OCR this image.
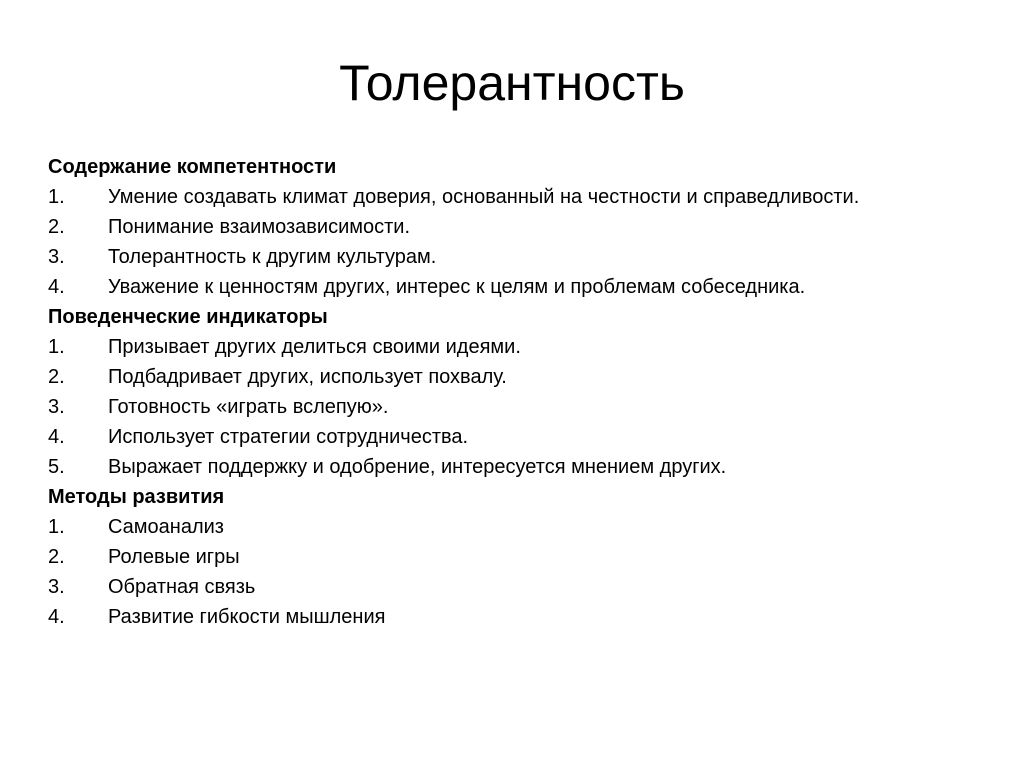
Толерантность
Содержание компетентности
1.	Умение создавать климат доверия, основанный на честности и справедливости.
2.	Понимание взаимозависимости.
3.	Толерантность к другим культурам.
4.	Уважение к ценностям других, интерес к целям и проблемам собеседника.
Поведенческие индикаторы
1.	Призывает других делиться своими идеями.
2.	Подбадривает других, использует похвалу.
3.	Готовность «играть вслепую».
4.	Использует стратегии сотрудничества.
5.	Выражает поддержку и одобрение, интересуется мнением других.
Методы развития
1.	Самоанализ
2.	Ролевые игры
3.	Обратная связь
4.	Развитие гибкости мышления
